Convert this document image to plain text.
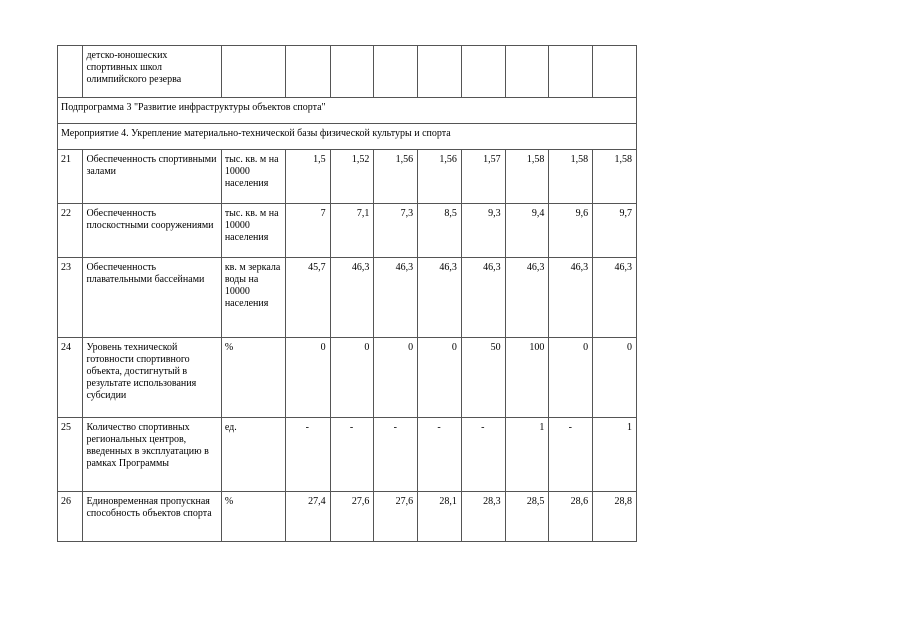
	детско-юношеских спортивных школ олимпийского резерва									
Подпрограмма 3 "Развитие инфраструктуры объектов спорта"										
Мероприятие 4. Укрепление материально-технической базы физической культуры и спорта										
21	Обеспеченность спортивными залами	тыс. кв. м на 10000 населения	1,5	1,52	1,56	1,56	1,57	1,58	1,58	1,58
22	Обеспеченность плоскостными сооружениями	тыс. кв. м на 10000 населения	7	7,1	7,3	8,5	9,3	9,4	9,6	9,7
23	Обеспеченность плавательными бассейнами	кв. м зеркала воды на 10000 населения	45,7	46,3	46,3	46,3	46,3	46,3	46,3	46,3
24	Уровень технической готовности спортивного объекта, достигнутый в результате использования субсидии	%	0	0	0	0	50	100	0	0
25	Количество спортивных региональных центров, введенных в эксплуатацию в рамках Программы	ед.	-	-	-	-	-	1	-	1
26	Единовременная пропускная способность объектов спорта	%	27,4	27,6	27,6	28,1	28,3	28,5	28,6	28,8
